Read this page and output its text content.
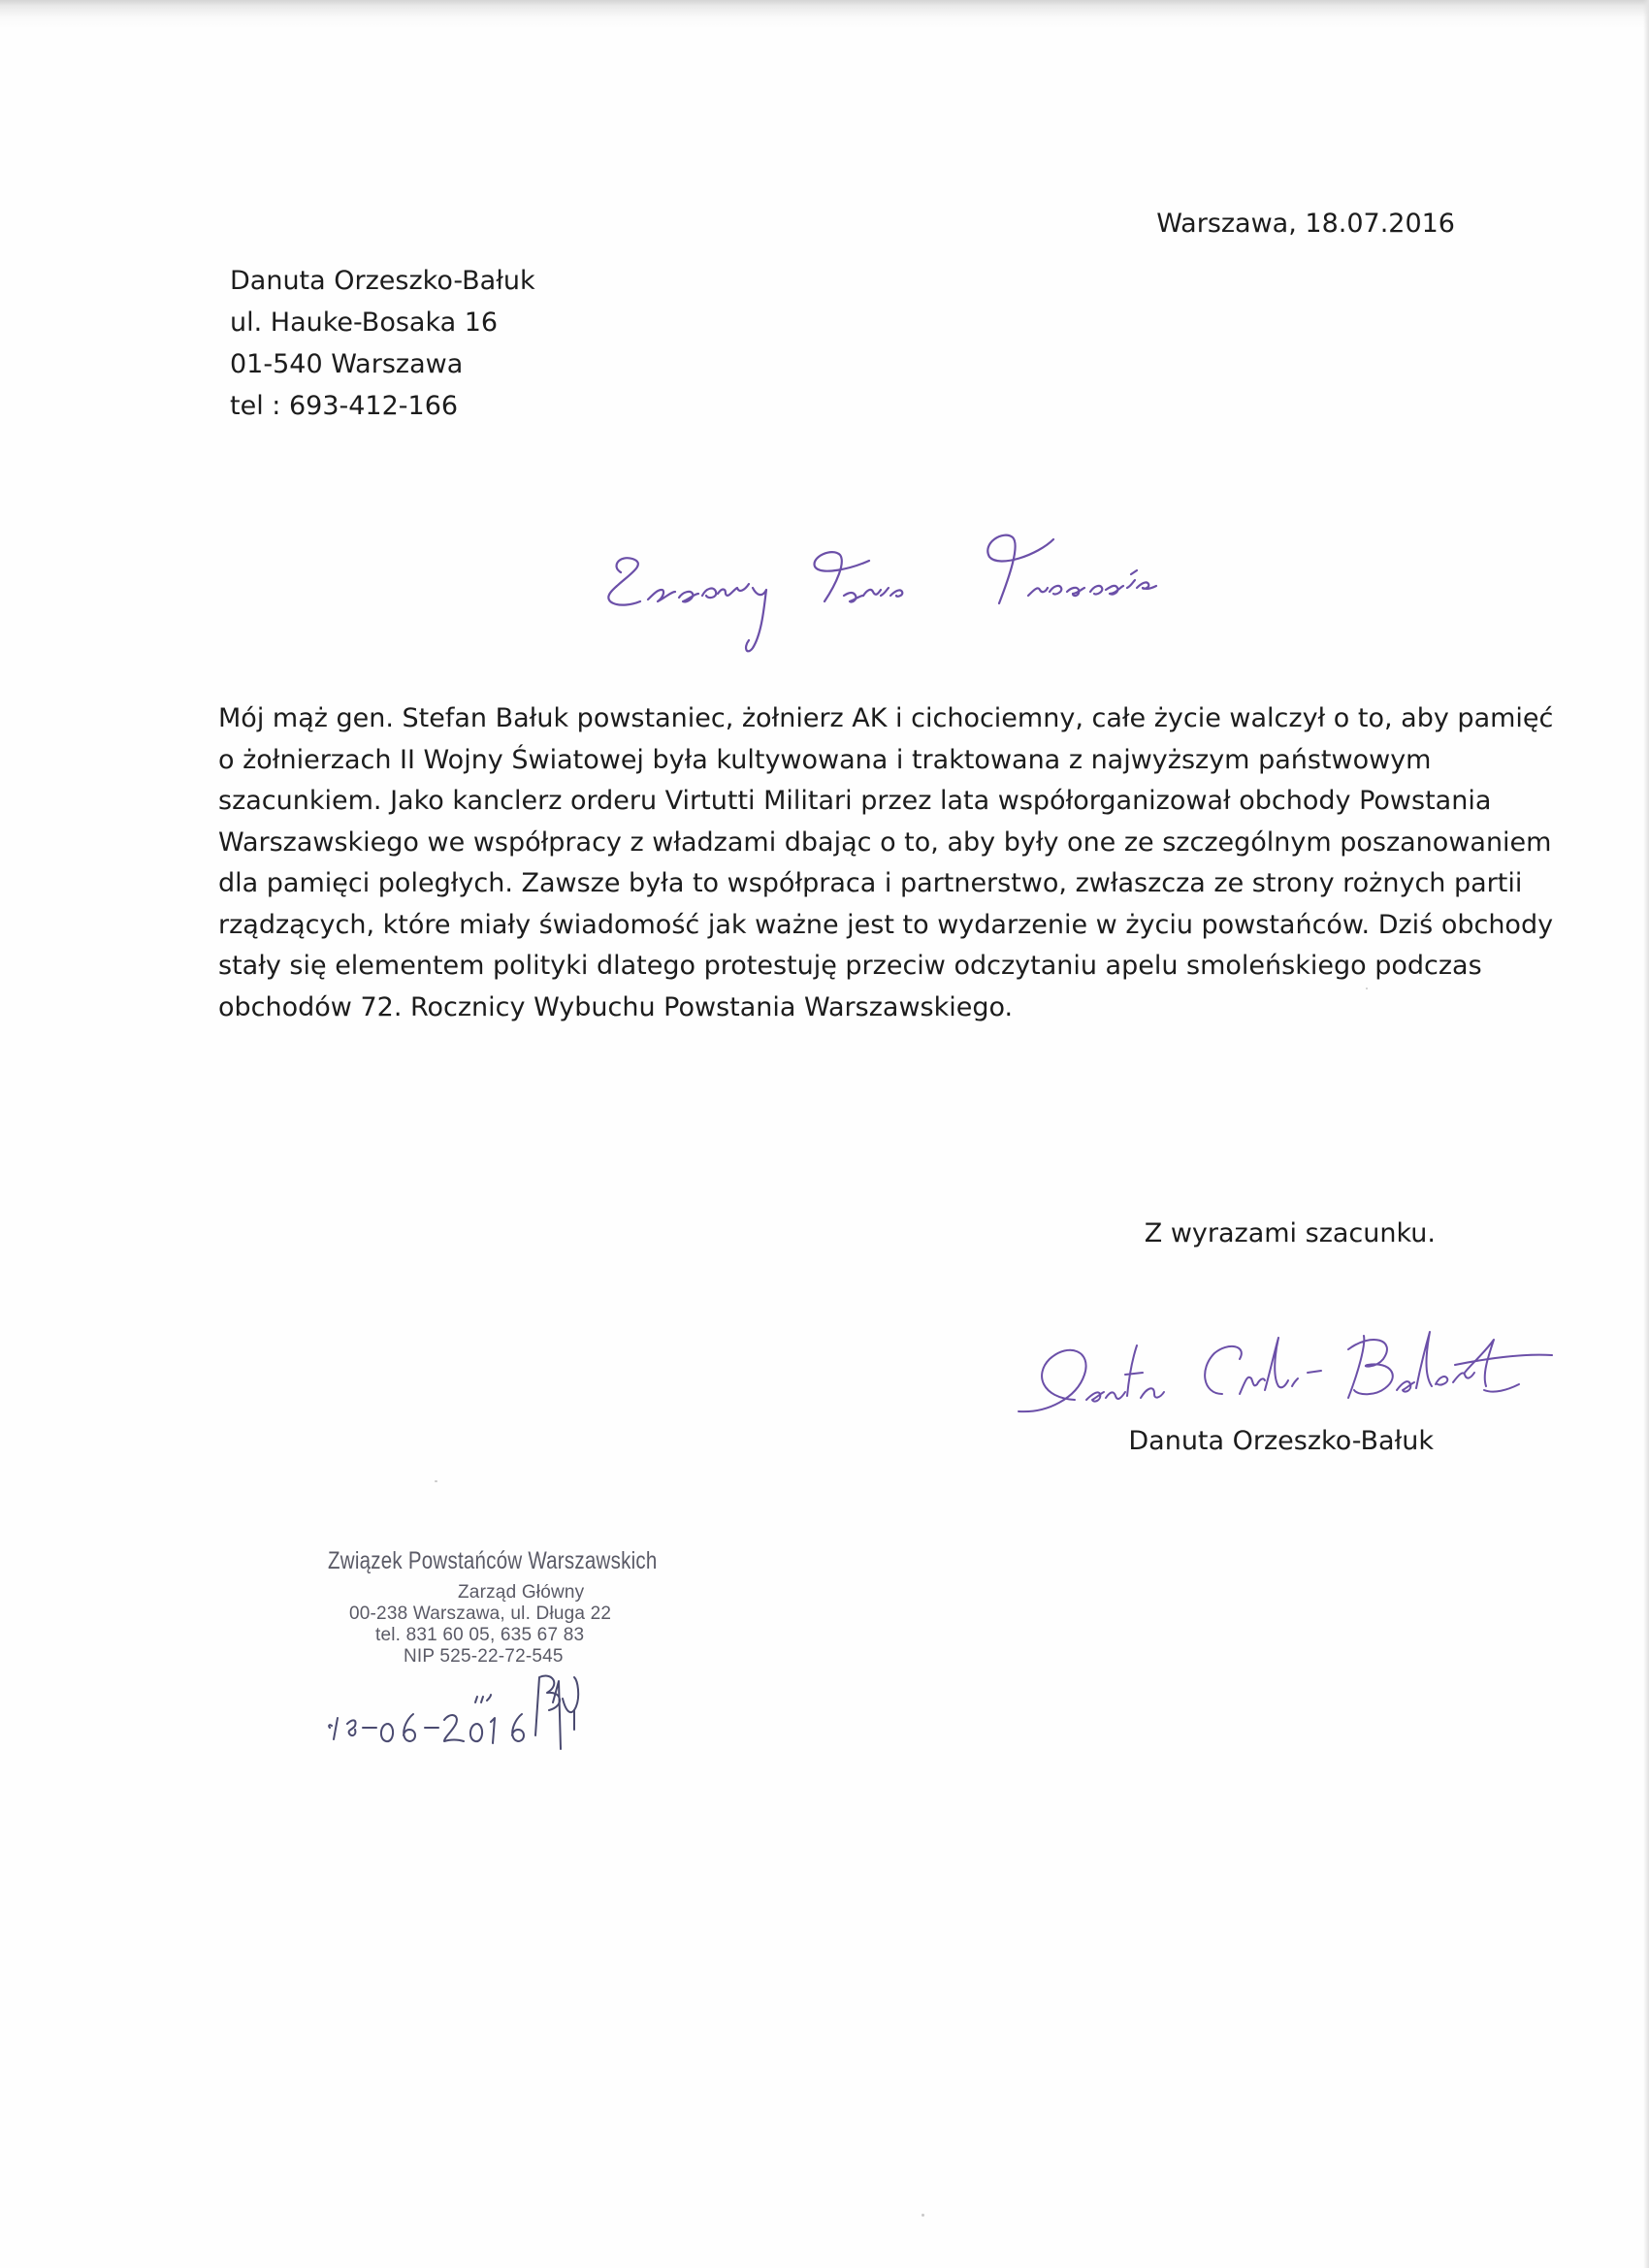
Warszawa, 18.07.2016
Danuta Orzeszko-Bałuk
ul. Hauke-Bosaka 16
01-540 Warszawa
tel : 693-412-166
Mój mąż gen. Stefan Bałuk powstaniec, żołnierz AK i cichociemny, całe życie walczył o to, aby pamięć
o żołnierzach II Wojny Światowej była kultywowana i traktowana z najwyższym państwowym
szacunkiem. Jako kanclerz orderu Virtutti Militari przez lata współorganizował obchody Powstania
Warszawskiego we współpracy z władzami dbając o to, aby były one ze szczególnym poszanowaniem
dla pamięci poległych. Zawsze była to współpraca i partnerstwo, zwłaszcza ze strony rożnych partii
rządzących, które miały świadomość jak ważne jest to wydarzenie w życiu powstańców. Dziś obchody
stały się elementem polityki dlatego protestuję przeciw odczytaniu apelu smoleńskiego podczas
obchodów 72. Rocznicy Wybuchu Powstania Warszawskiego.
Z wyrazami szacunku.
Danuta Orzeszko-Bałuk
Związek Powstańców Warszawskich
Zarząd Główny
00-238 Warszawa, ul. Długa 22
tel. 831 60 05, 635 67 83
NIP 525-22-72-545
